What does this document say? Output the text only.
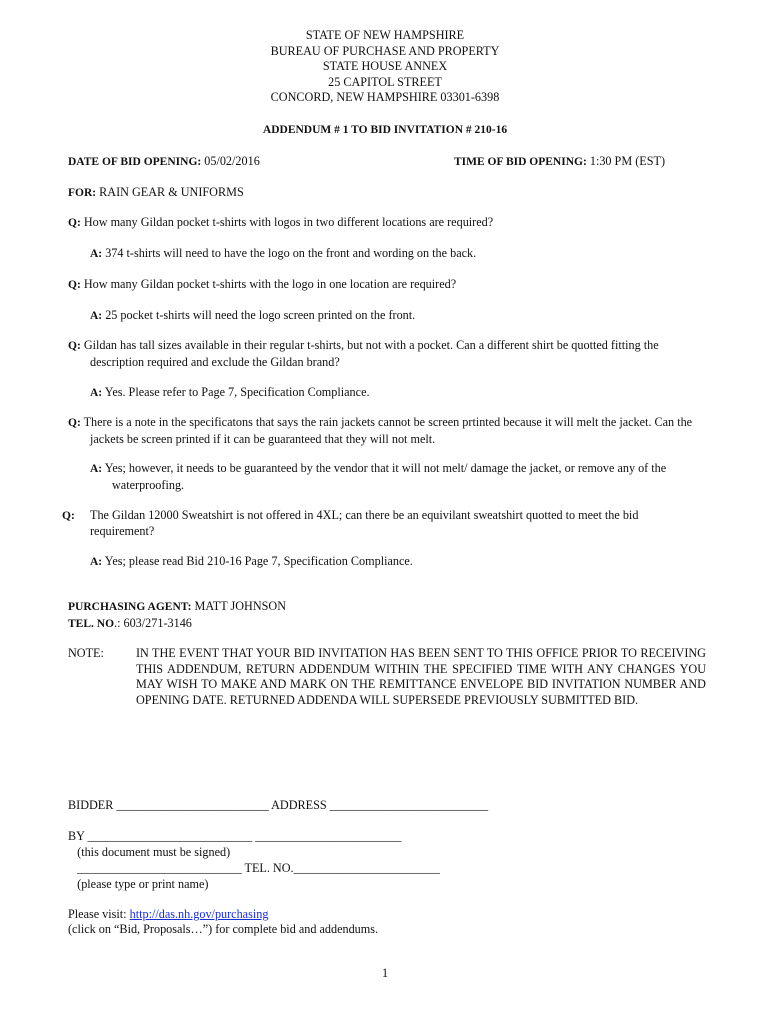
STATE OF NEW HAMPSHIRE
BUREAU OF PURCHASE AND PROPERTY
STATE HOUSE ANNEX
25 CAPITOL STREET
CONCORD, NEW HAMPSHIRE 03301-6398
ADDENDUM # 1 TO BID INVITATION # 210-16
DATE OF BID OPENING: 05/02/2016	TIME OF BID OPENING: 1:30 PM (EST)
FOR: RAIN GEAR & UNIFORMS
Q: How many Gildan pocket t-shirts with logos in two different locations are required?
A: 374 t-shirts will need to have the logo on the front and wording on the back.
Q: How many Gildan pocket t-shirts with the logo in one location are required?
A: 25 pocket t-shirts will need the logo screen printed on the front.
Q: Gildan has tall sizes available in their regular t-shirts, but not with a pocket. Can a different shirt be quotted fitting the description required and exclude the Gildan brand?
A: Yes. Please refer to Page 7, Specification Compliance.
Q: There is a note in the specificatons that says the rain jackets cannot be screen prtinted because it will melt the jacket. Can the jackets be screen printed if it can be guaranteed that they will not melt.
A: Yes; however, it needs to be guaranteed by the vendor that it will not melt/ damage the jacket, or remove any of the waterproofing.
Q: The Gildan 12000 Sweatshirt is not offered in 4XL; can there be an equivilant sweatshirt quotted to meet the bid requirement?
A: Yes; please read Bid 210-16 Page 7, Specification Compliance.
PURCHASING AGENT: MATT JOHNSON
TEL. NO.: 603/271-3146
NOTE:	IN THE EVENT THAT YOUR BID INVITATION HAS BEEN SENT TO THIS OFFICE PRIOR TO RECEIVING THIS ADDENDUM, RETURN ADDENDUM WITHIN THE SPECIFIED TIME WITH ANY CHANGES YOU MAY WISH TO MAKE AND MARK ON THE REMITTANCE ENVELOPE BID INVITATION NUMBER AND OPENING DATE. RETURNED ADDENDA WILL SUPERSEDE PREVIOUSLY SUBMITTED BID.
BIDDER _________________________ ADDRESS __________________________
BY ___________________________ ________________________
(this document must be signed)
___________________________ TEL. NO.________________________
(please type or print name)
Please visit: http://das.nh.gov/purchasing
(click on “Bid, Proposals…”) for complete bid and addendums.
1
